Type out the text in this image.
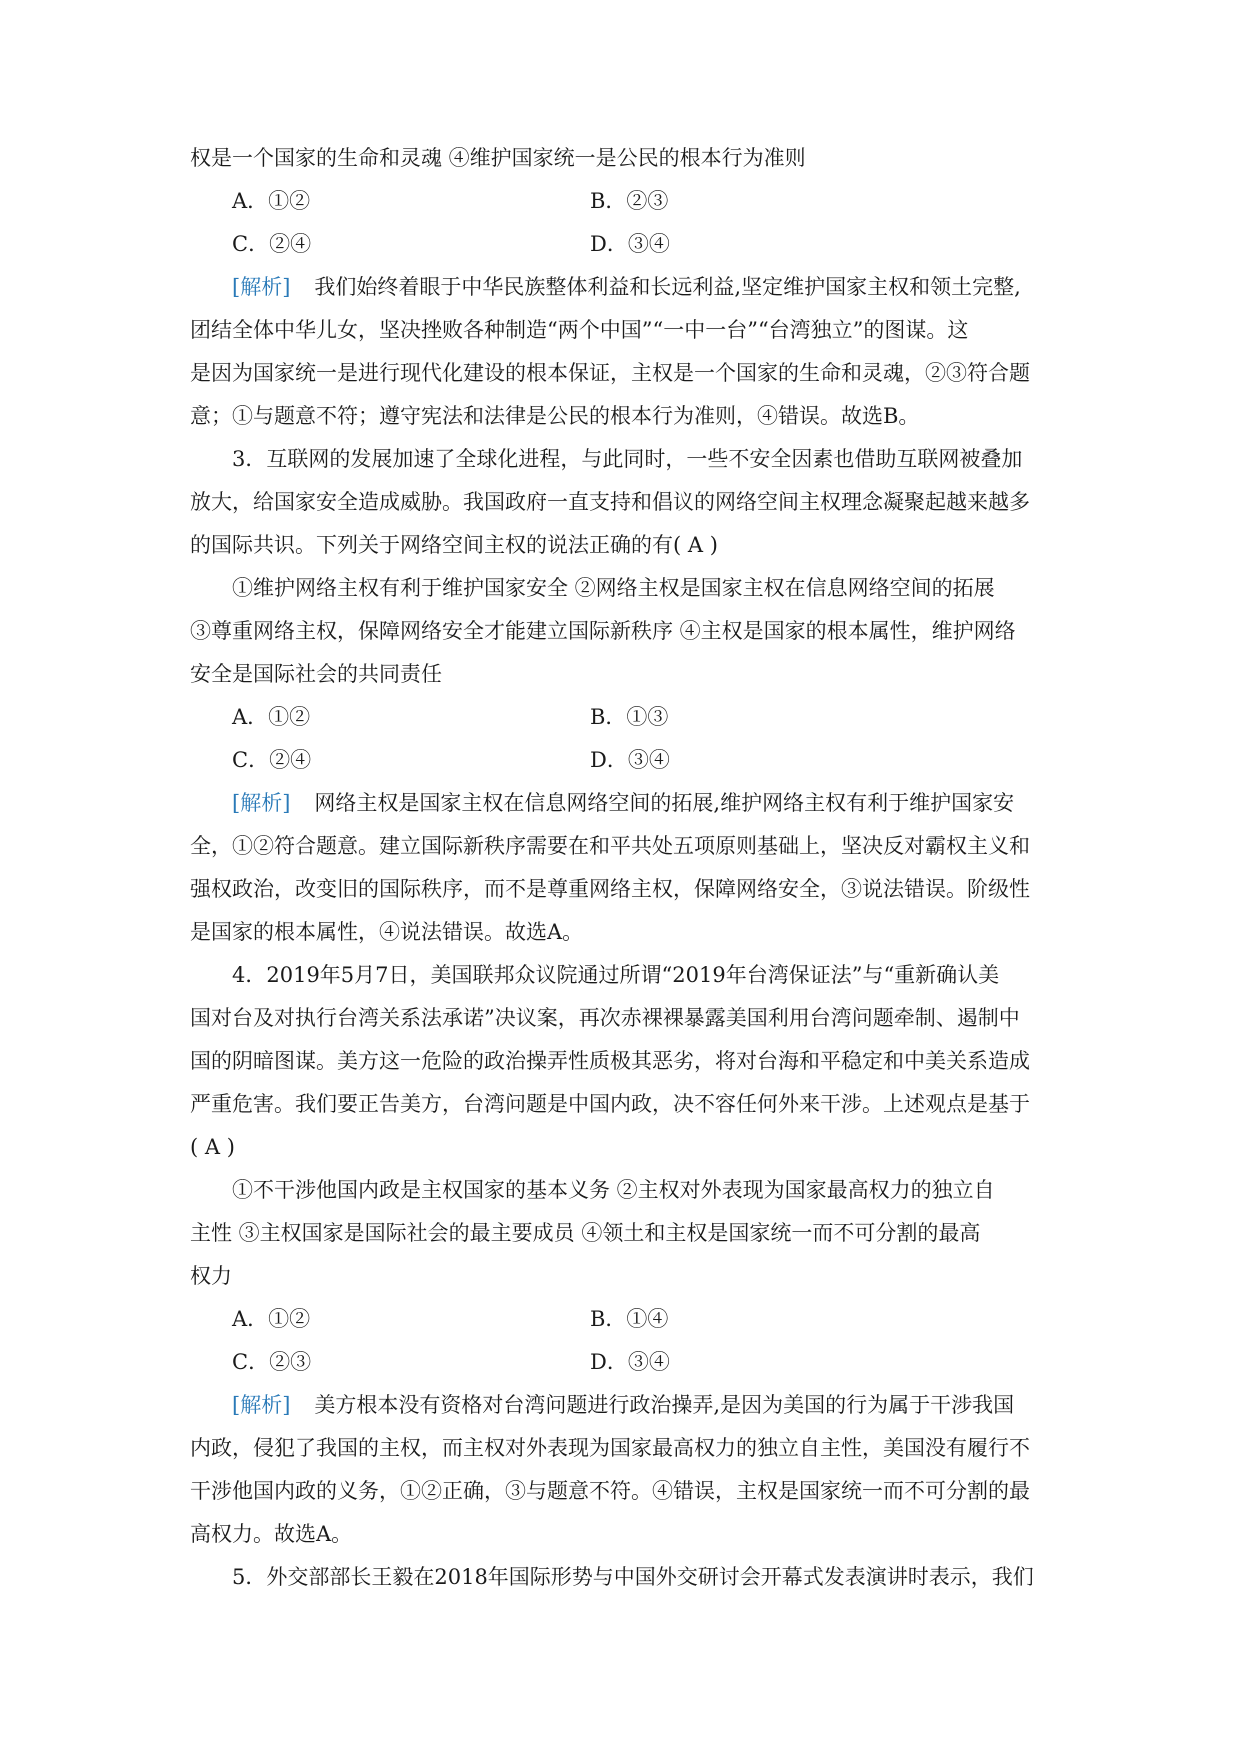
权是一个国家的生命和灵魂 ④维护国家统一是公民的根本行为准则
A．①②	B．②③
C．②④	D．③④
[解析] 我们始终着眼于中华民族整体利益和长远利益,坚定维护国家主权和领土完整,
团结全体中华儿女，坚决挫败各种制造“两个中国”“一中一台”“台湾独立”的图谋。这
是因为国家统一是进行现代化建设的根本保证，主权是一个国家的生命和灵魂，②③符合题
意；①与题意不符；遵守宪法和法律是公民的根本行为准则，④错误。故选B。
3．互联网的发展加速了全球化进程，与此同时，一些不安全因素也借助互联网被叠加
放大，给国家安全造成威胁。我国政府一直支持和倡议的网络空间主权理念凝聚起越来越多
的国际共识。下列关于网络空间主权的说法正确的有( A )
①维护网络主权有利于维护国家安全 ②网络主权是国家主权在信息网络空间的拓展
③尊重网络主权，保障网络安全才能建立国际新秩序 ④主权是国家的根本属性，维护网络
安全是国际社会的共同责任
A．①②	B．①③
C．②④	D．③④
[解析] 网络主权是国家主权在信息网络空间的拓展,维护网络主权有利于维护国家安
全，①②符合题意。建立国际新秩序需要在和平共处五项原则基础上，坚决反对霸权主义和
强权政治，改变旧的国际秩序，而不是尊重网络主权，保障网络安全，③说法错误。阶级性
是国家的根本属性，④说法错误。故选A。
4．2019年5月7日，美国联邦众议院通过所谓“2019年台湾保证法”与“重新确认美
国对台及对执行台湾关系法承诺”决议案，再次赤裸裸暴露美国利用台湾问题牵制、遏制中
国的阴暗图谋。美方这一危险的政治操弄性质极其恶劣，将对台海和平稳定和中美关系造成
严重危害。我们要正告美方，台湾问题是中国内政，决不容任何外来干涉。上述观点是基于
( A )
①不干涉他国内政是主权国家的基本义务 ②主权对外表现为国家最高权力的独立自
主性 ③主权国家是国际社会的最主要成员 ④领土和主权是国家统一而不可分割的最高
权力
A．①②	B．①④
C．②③	D．③④
[解析] 美方根本没有资格对台湾问题进行政治操弄,是因为美国的行为属于干涉我国
内政，侵犯了我国的主权，而主权对外表现为国家最高权力的独立自主性，美国没有履行不
干涉他国内政的义务，①②正确，③与题意不符。④错误，主权是国家统一而不可分割的最
高权力。故选A。
5．外交部部长王毅在2018年国际形势与中国外交研讨会开幕式发表演讲时表示，我们
